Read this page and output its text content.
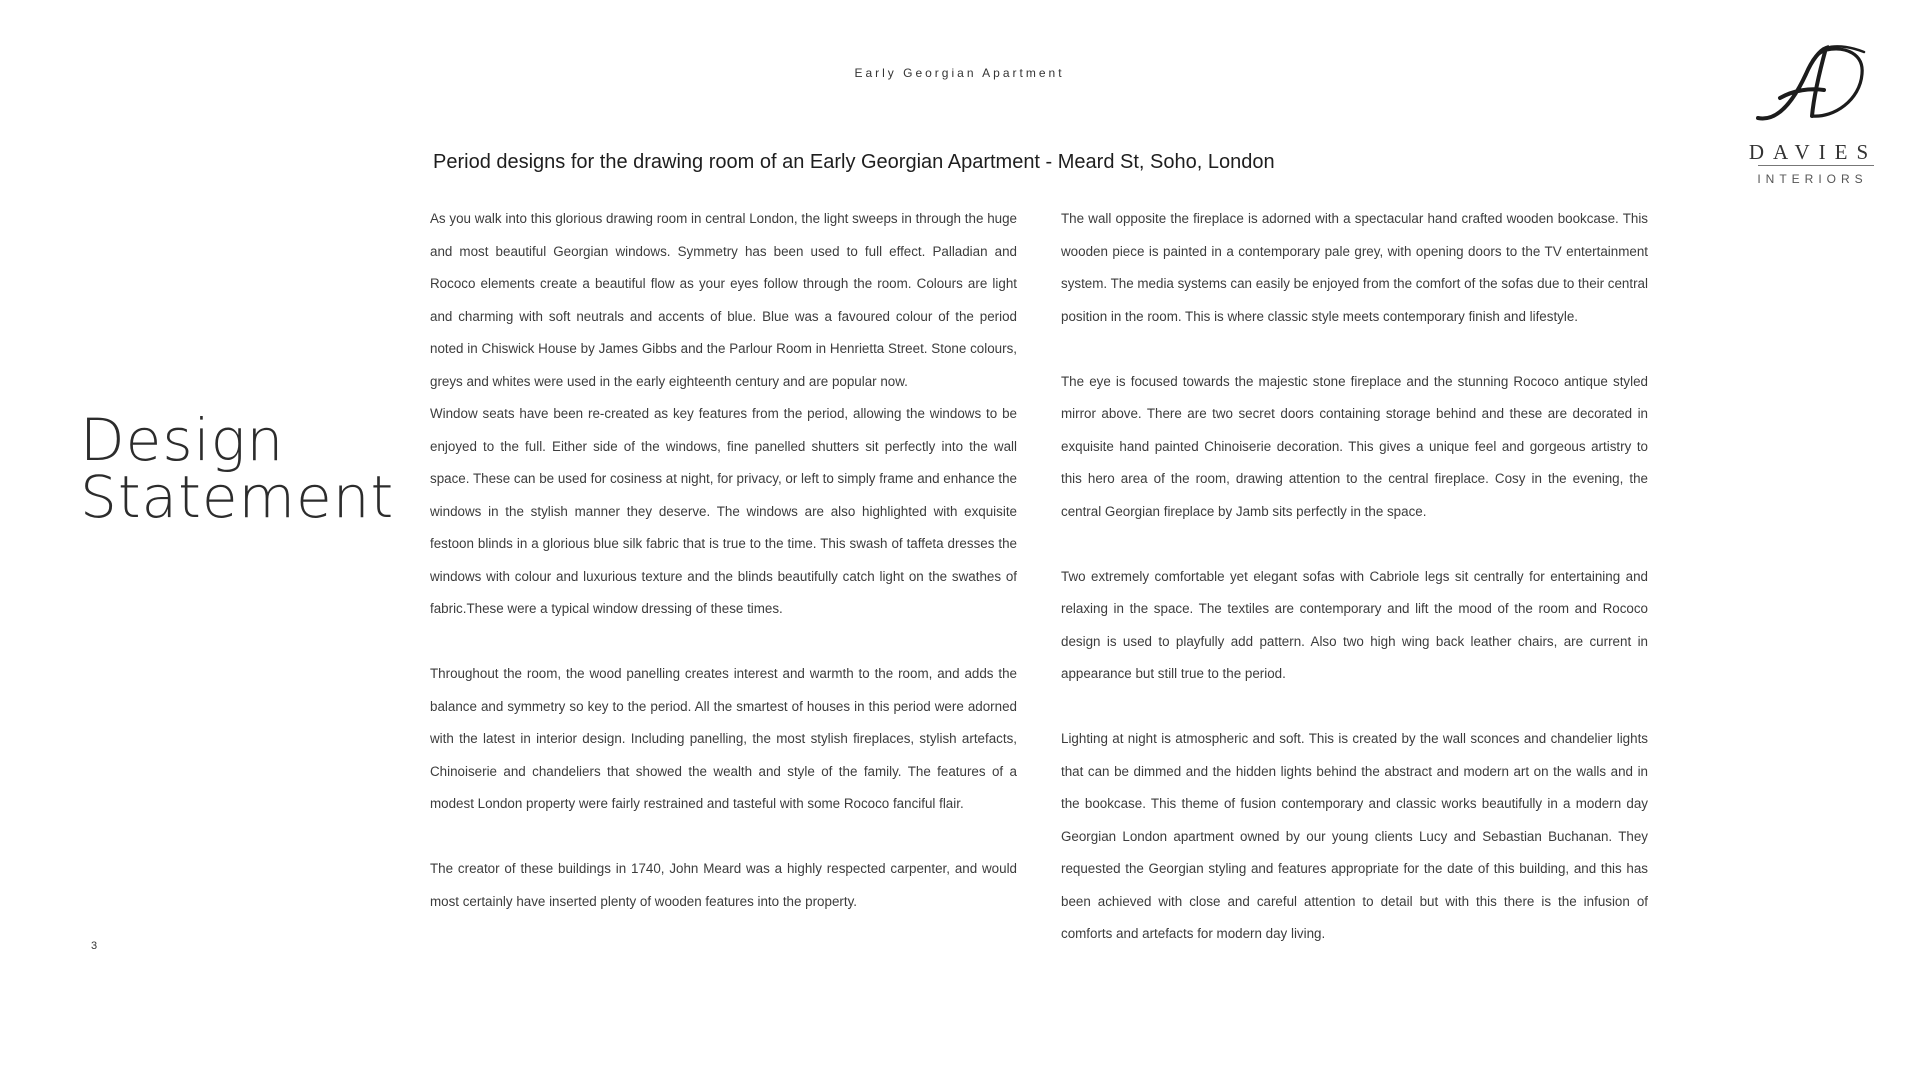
Early Georgian Apartment
DAVIES
INTERIORS
Design
Statement
3
Period designs for the drawing room of an Early Georgian Apartment - Meard St, Soho, London

As you walk into this glorious drawing room in central London, the light sweeps in through the huge and most beautiful Georgian windows. Symmetry has been used to full effect. Palladian and Rococo elements create a beautiful flow as your eyes follow through the room. Colours are light and charming with soft neutrals and accents of blue. Blue was a favoured colour of the period noted in Chiswick House by James Gibbs and the Parlour Room in Henrietta Street. Stone colours, greys and whites were used in the early eighteenth century and are popular now.

Window seats have been re-created as key features from the period, allowing the windows to be enjoyed to the full. Either side of the windows, fine panelled shutters sit perfectly into the wall space. These can be used for cosiness at night, for privacy, or left to simply frame and enhance the windows in the stylish manner they deserve. The windows are also highlighted with exquisite festoon blinds in a glorious blue silk fabric that is true to the time. This swash of taffeta dresses the windows with colour and luxurious texture and the blinds beautifully catch light on the swathes of fabric.These were a typical window dressing of these times.

Throughout the room, the wood panelling creates interest and warmth to the room, and adds the balance and symmetry so key to the period. All the smartest of houses in this period were adorned with the latest in interior design. Including panelling, the most stylish fireplaces, stylish artefacts, Chinoiserie and chandeliers that showed the wealth and style of the family. The features of a modest London property were fairly restrained and tasteful with some Rococo fanciful flair.

The creator of these buildings in 1740, John Meard was a highly respected carpenter, and would most certainly have inserted plenty of wooden features into the property.

The wall opposite the fireplace is adorned with a spectacular hand crafted wooden bookcase. This wooden piece is painted in a contemporary pale grey, with opening doors to the TV entertainment system. The media systems can easily be enjoyed from the comfort of the sofas due to their central position in the room. This is where classic style meets contemporary finish and lifestyle.

The eye is focused towards the majestic stone fireplace and the stunning Rococo antique styled mirror above. There are two secret doors containing storage behind and these are decorated in exquisite hand painted Chinoiserie decoration. This gives a unique feel and gorgeous artistry to this hero area of the room, drawing attention to the central fireplace. Cosy in the evening, the central Georgian fireplace by Jamb sits perfectly in the space.

Two extremely comfortable yet elegant sofas with Cabriole legs sit centrally for entertaining and relaxing in the space. The textiles are contemporary and lift the mood of the room and Rococo design is used to playfully add pattern. Also two high wing back leather chairs, are current in appearance but still true to the period.

Lighting at night is atmospheric and soft. This is created by the wall sconces and chandelier lights that can be dimmed and the hidden lights behind the abstract and modern art on the walls and in the bookcase. This theme of fusion contemporary and classic works beautifully in a modern day Georgian London apartment owned by our young clients Lucy and Sebastian Buchanan. They requested the Georgian styling and features appropriate for the date of this building, and this has been achieved with close and careful attention to detail but with this there is the infusion of comforts and artefacts for modern day living.
